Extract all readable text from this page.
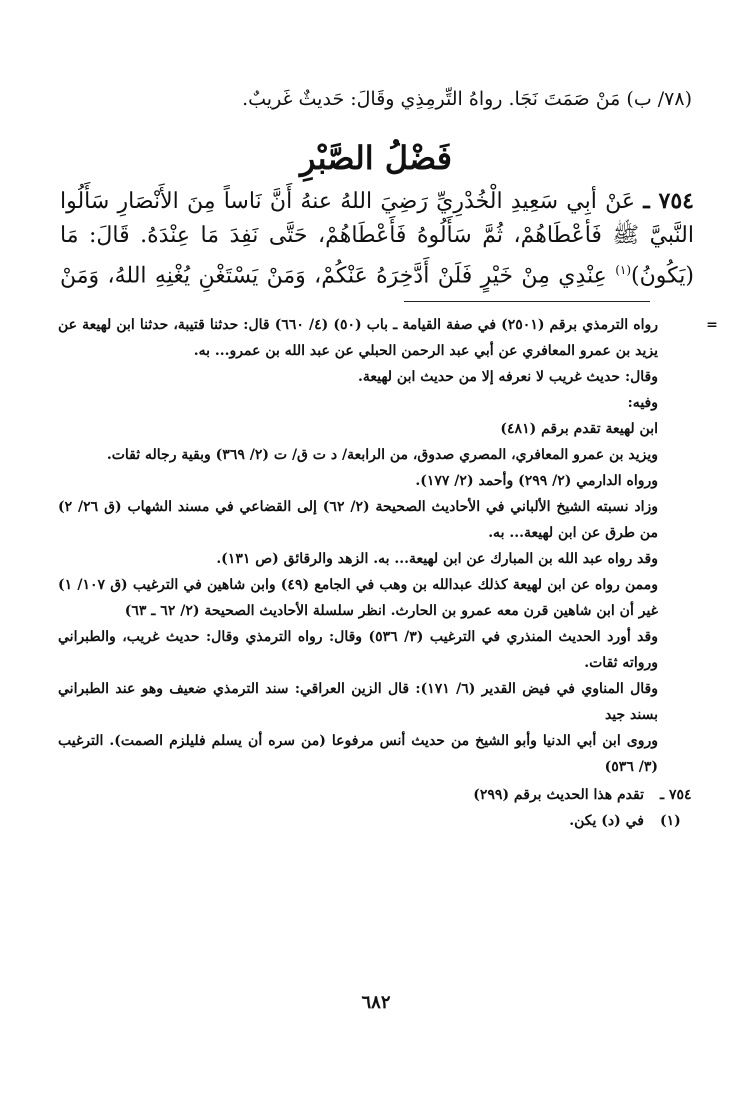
(٧٨/ ب) مَنْ صَمَتَ نَجَا. رواهُ التِّرمِذِي وقَالَ: حَديثٌ غَريبٌ.
فَضْلُ الصَّبْرِ

٧٥٤ ـ عَنْ أبِي سَعِيدِ الْخُدْرِيِّ رَضِيَ اللهُ عنهُ أَنَّ نَاساً مِنَ الأَنْصَارِ سَأَلُوا

النَّبيَّ ﷺ فَأعْطَاهُمْ، ثُمَّ سَأَلُوهُ فَأَعْطَاهُمْ، حَتَّى نَفِدَ مَا عِنْدَهُ. قَالَ: مَا

(يَكُونُ)$^{(١)}$ عِنْدِي مِنْ خَيْرٍ فَلَنْ أَدَّخِرَهُ عَنْكُمْ، وَمَنْ يَسْتَغْنِ يُغْنِهِ اللهُ، وَمَنْ

=

رواه الترمذي برقم (٢٥٠١) في صفة القيامة ـ باب (٥٠) (٤/ ٦٦٠) قال: حدثنا قتيبة، حدثنا ابن لهيعة عن يزيد بن عمرو المعافري عن أبي عبد الرحمن الحبلي عن عبد الله بن عمرو... به.

وقال: حديث غريب لا نعرفه إلا من حديث ابن لهيعة.

وفيه:

ابن لهيعة تقدم برقم (٤٨١)

ويزيد بن عمرو المعافري، المصري صدوق، من الرابعة/ د ت ق/ ت (٢/ ٣٦٩) وبقية رجاله ثقات.

ورواه الدارمي (٢/ ٢٩٩) وأحمد (٢/ ١٧٧).

وزاد نسبته الشيخ الألباني في الأحاديث الصحيحة (٢/ ٦٢) إلى القضاعي في مسند الشهاب (ق ٢٦/ ٢) من طرق عن ابن لهيعة... به.

وقد رواه عبد الله بن المبارك عن ابن لهيعة... به. الزهد والرقائق (ص ١٣١).

وممن رواه عن ابن لهيعة كذلك عبدالله بن وهب في الجامع (٤٩) وابن شاهين في الترغيب (ق ١٠٧/ ١) غير أن ابن شاهين قرن معه عمرو بن الحارث. انظر سلسلة الأحاديث الصحيحة (٢/ ٦٢ ـ ٦٣)

وقد أورد الحديث المنذري في الترغيب (٣/ ٥٣٦) وقال: رواه الترمذي وقال: حديث غريب، والطبراني ورواته ثقات.

وقال المناوي في فيض القدير (٦/ ١٧١): قال الزين العراقي: سند الترمذي ضعيف وهو عند الطبراني بسند جيد

وروى ابن أبي الدنيا وأبو الشيخ من حديث أنس مرفوعا (من سره أن يسلم فليلزم الصمت). الترغيب (٣/ ٥٣٦)

٧٥٤ ـ
تقدم هذا الحديث برقم (٢٩٩)
(١)
في (د) يكن.
٦٨٢
